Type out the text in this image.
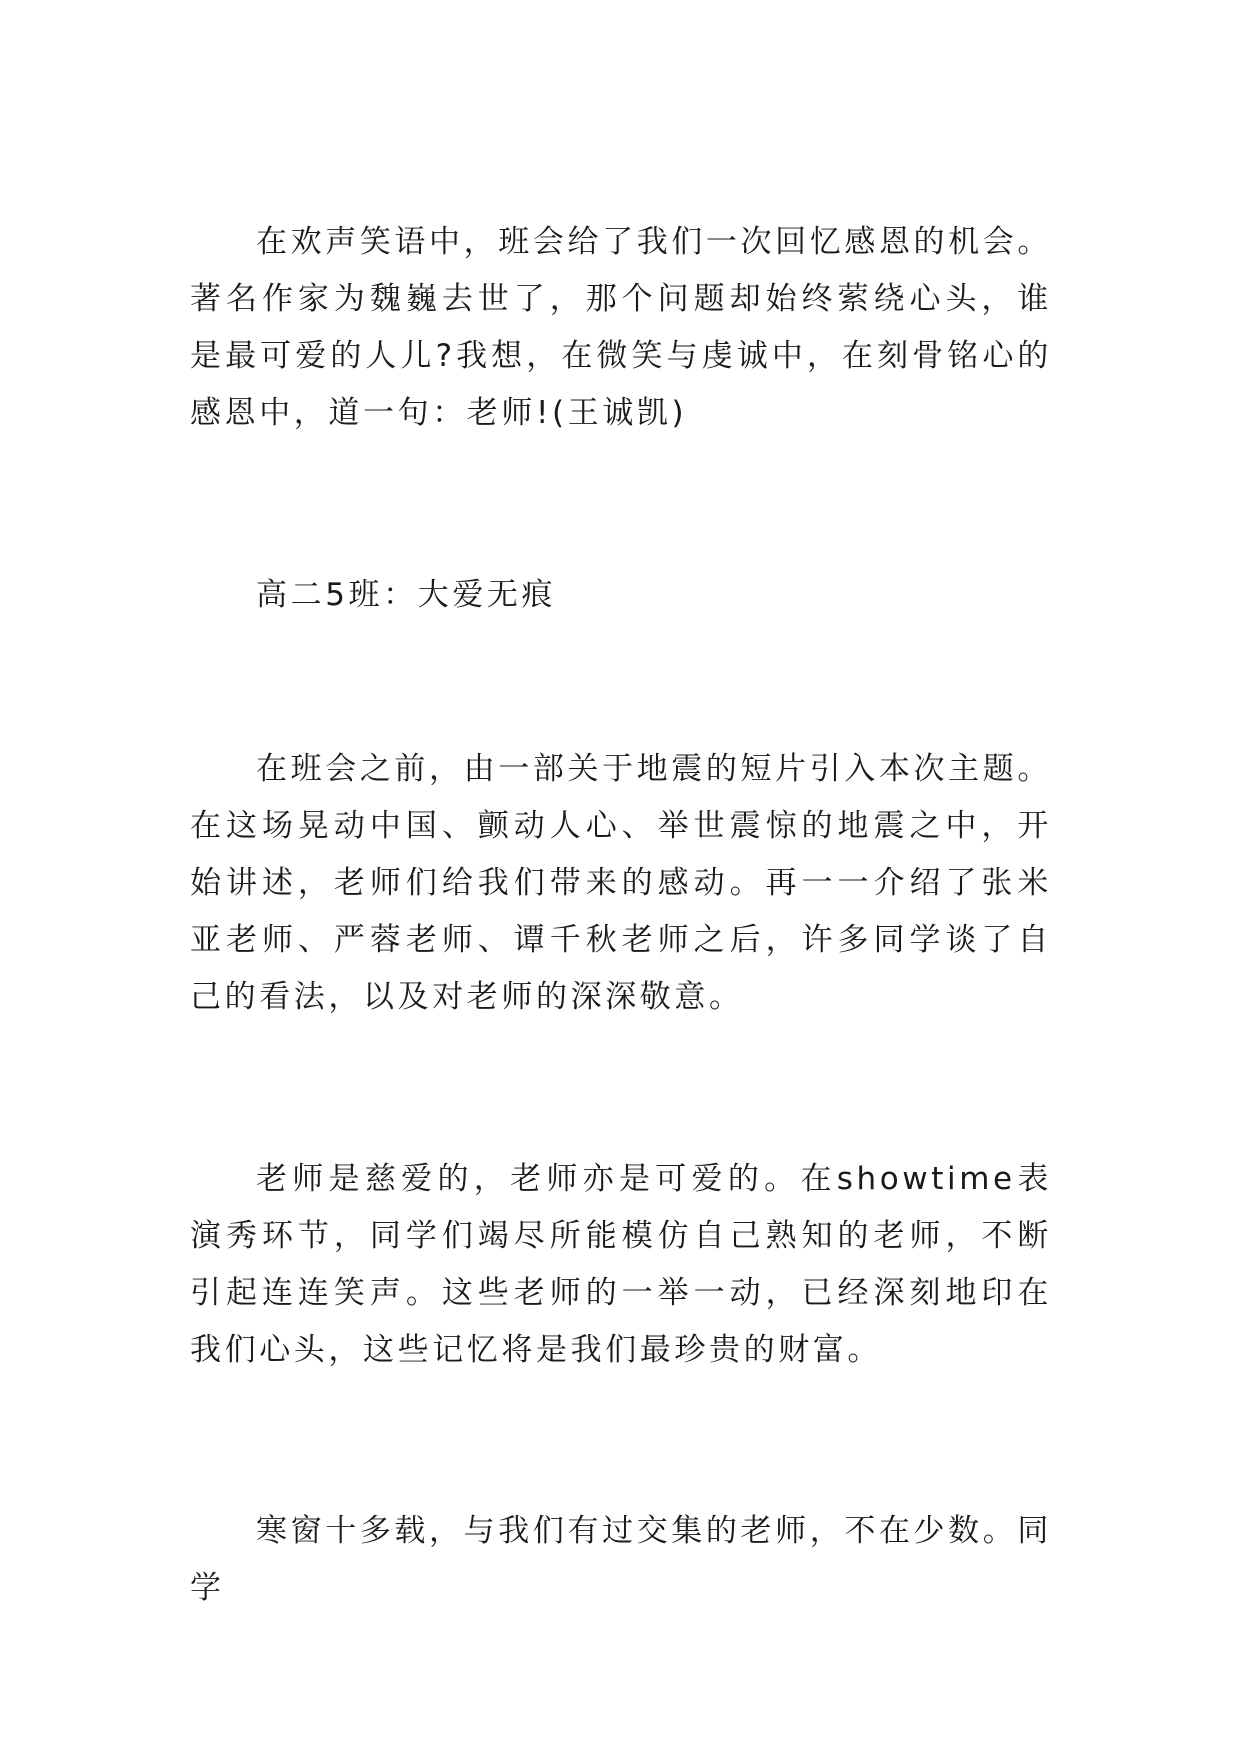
在欢声笑语中，班会给了我们一次回忆感恩的机会。著名作家为魏巍去世了，那个问题却始终萦绕心头，谁是最可爱的人儿?我想，在微笑与虔诚中，在刻骨铭心的感恩中，道一句：老师!(王诚凯)

高二5班：大爱无痕

在班会之前，由一部关于地震的短片引入本次主题。在这场晃动中国、颤动人心、举世震惊的地震之中，开始讲述，老师们给我们带来的感动。再一一介绍了张米亚老师、严蓉老师、谭千秋老师之后，许多同学谈了自己的看法，以及对老师的深深敬意。

老师是慈爱的，老师亦是可爱的。在showtime表演秀环节，同学们竭尽所能模仿自己熟知的老师，不断引起连连笑声。这些老师的一举一动，已经深刻地印在我们心头，这些记忆将是我们最珍贵的财富。

寒窗十多载，与我们有过交集的老师，不在少数。同学
